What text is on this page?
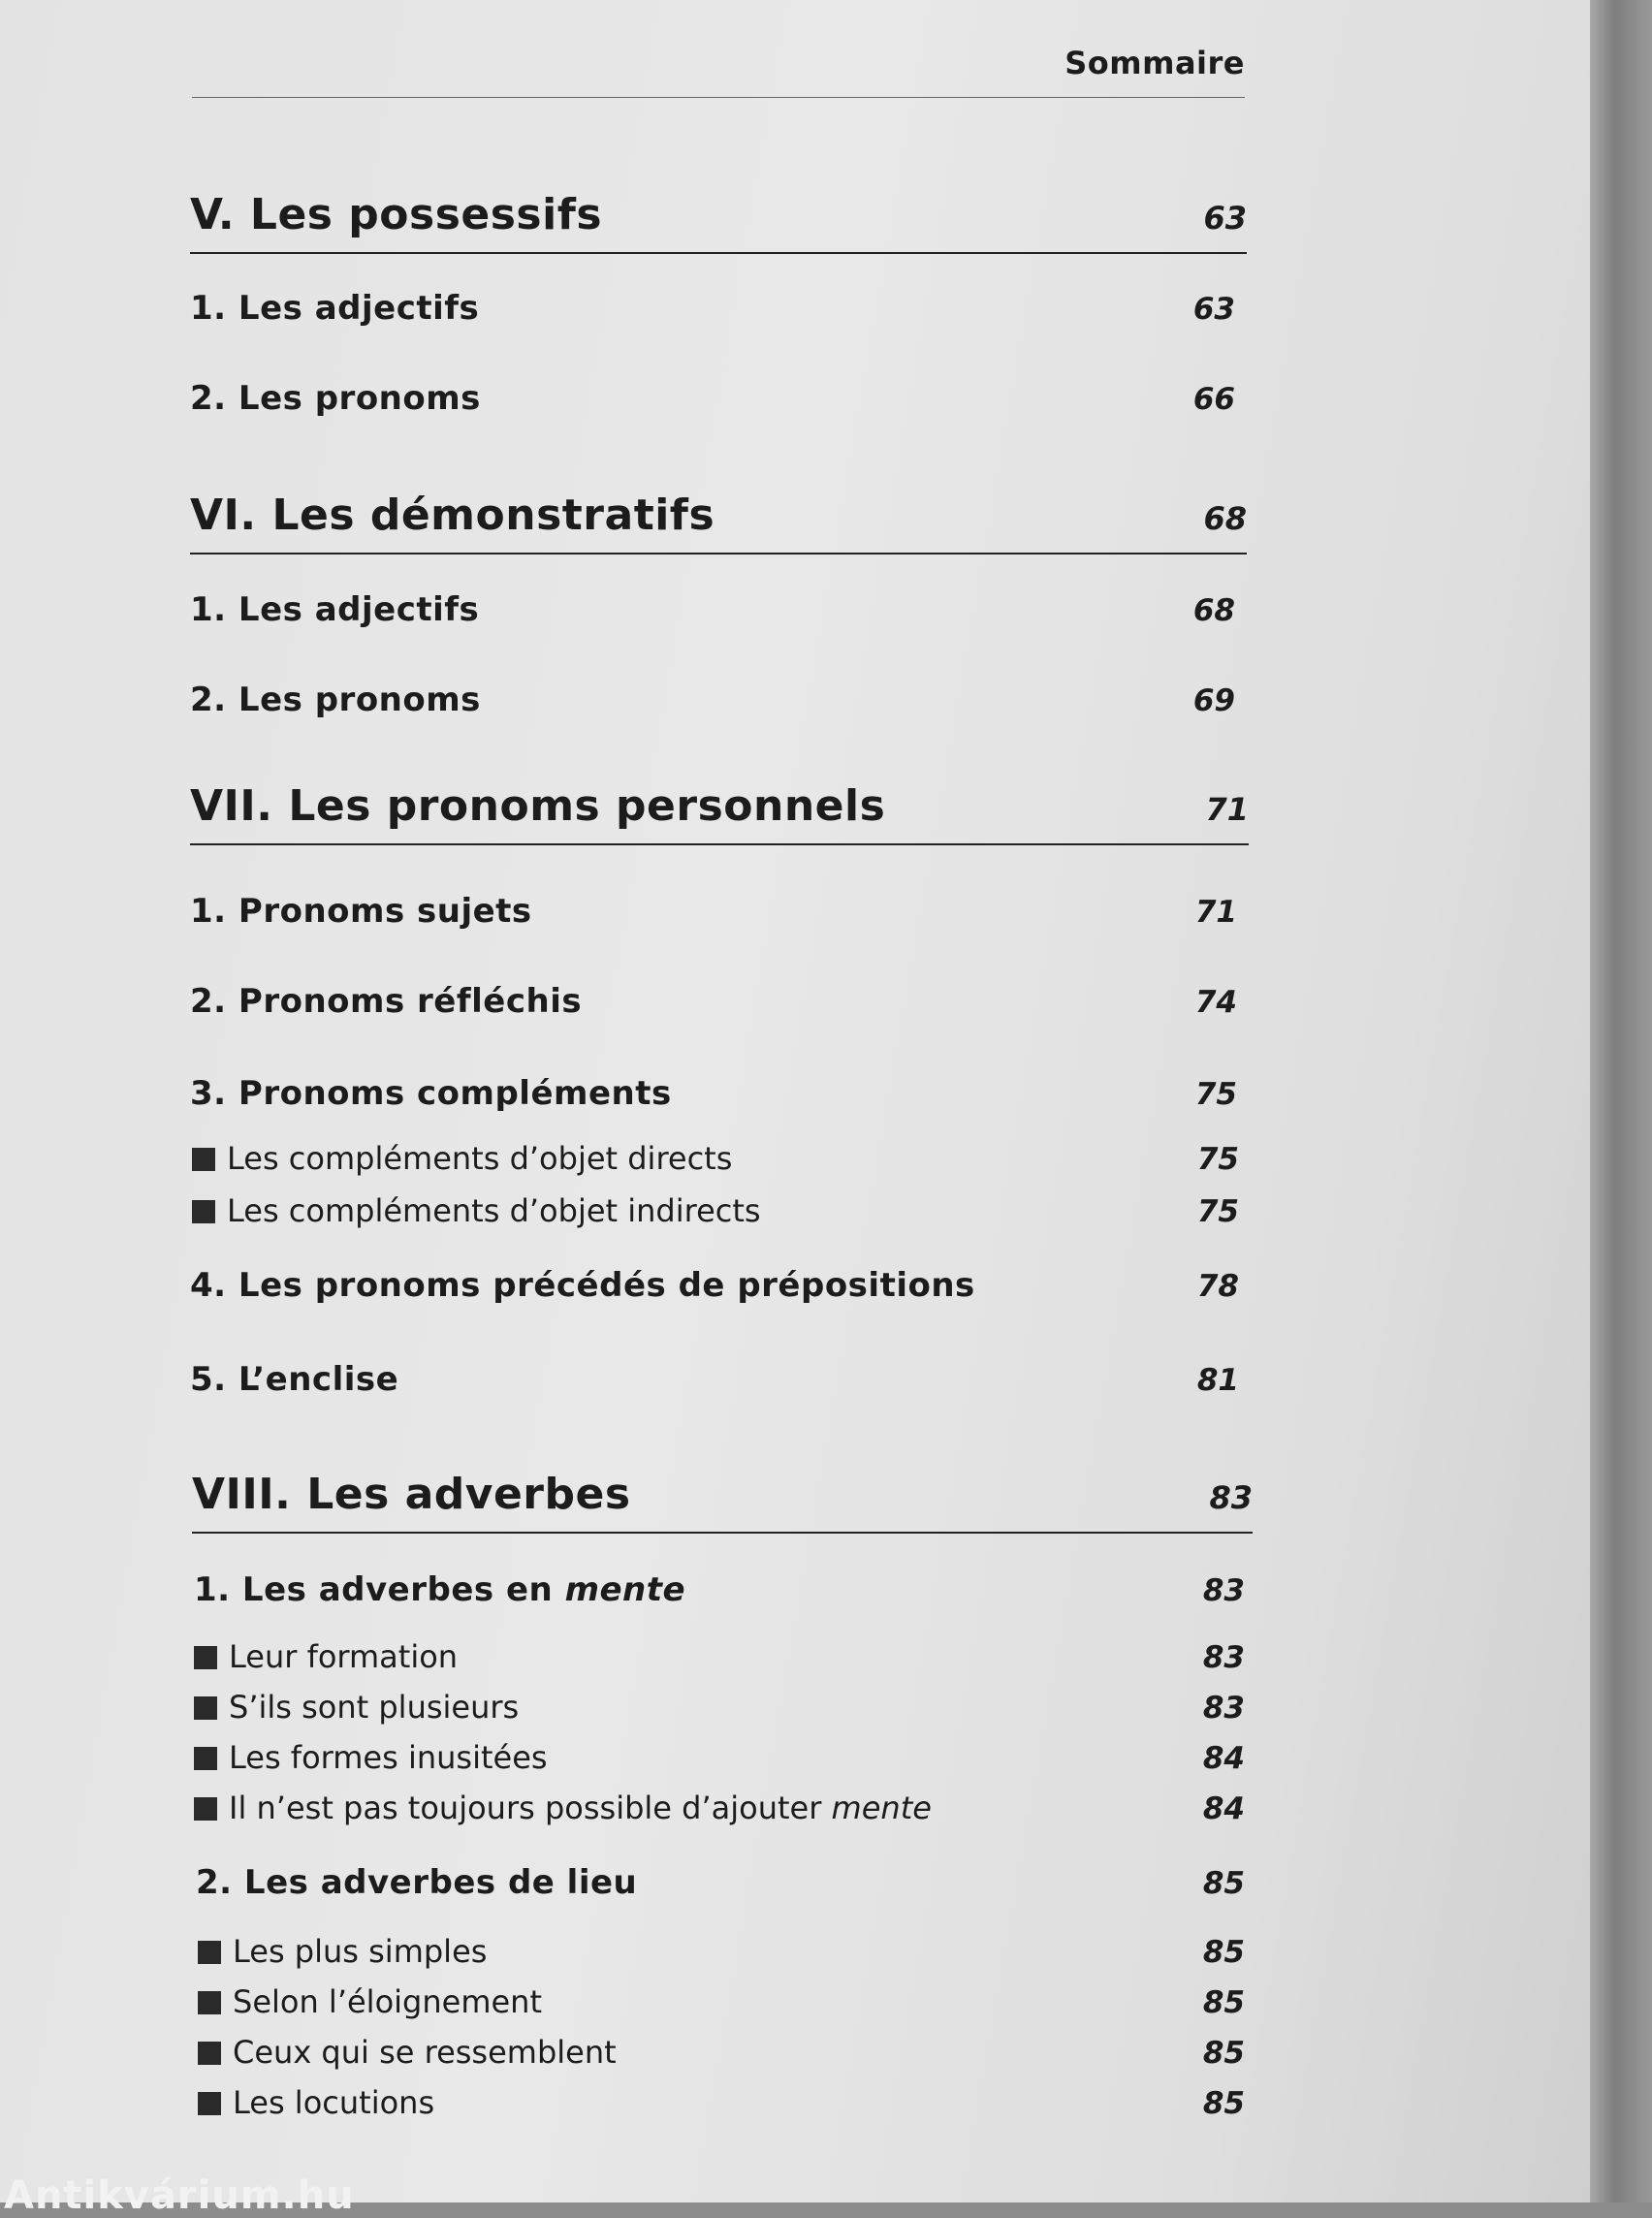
Sommaire
V. Les possessifs	63
1. Les adjectifs	63
2. Les pronoms	66
VI. Les démonstratifs	68
1. Les adjectifs	68
2. Les pronoms	69
VII. Les pronoms personnels	71
1. Pronoms sujets	71
2. Pronoms réfléchis	74
3. Pronoms compléments	75
Les compléments d’objet directs	75
Les compléments d’objet indirects	75
4. Les pronoms précédés de prépositions	78
5. L’enclise	81
VIII. Les adverbes	83
1. Les adverbes en mente	83
Leur formation	83
S’ils sont plusieurs	83
Les formes inusitées	84
Il n’est pas toujours possible d’ajouter mente	84
2. Les adverbes de lieu	85
Les plus simples	85
Selon l’éloignement	85
Ceux qui se ressemblent	85
Les locutions	85
Antikvárium.hu
